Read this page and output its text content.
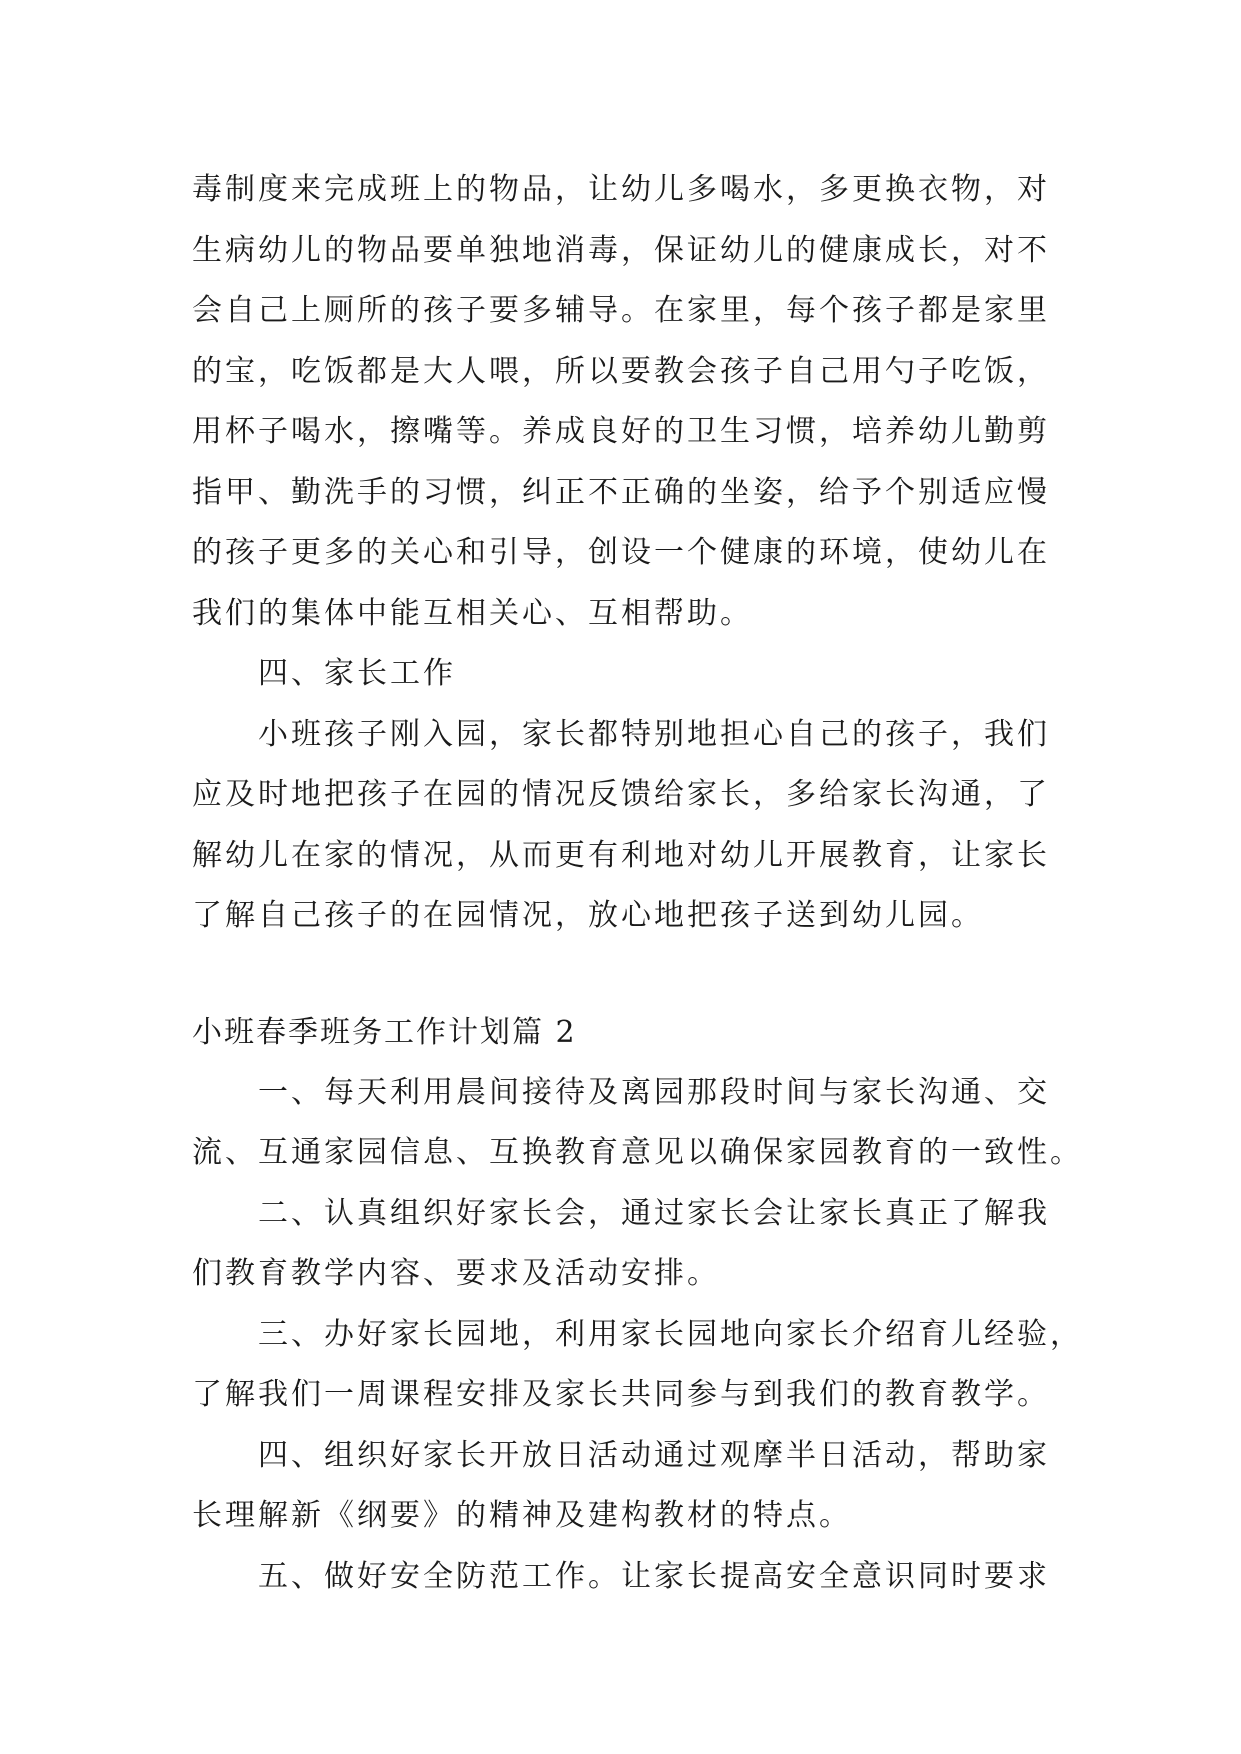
毒制度来完成班上的物品，让幼儿多喝水，多更换衣物，对
生病幼儿的物品要单独地消毒，保证幼儿的健康成长，对不
会自己上厕所的孩子要多辅导。在家里，每个孩子都是家里
的宝，吃饭都是大人喂，所以要教会孩子自己用勺子吃饭，
用杯子喝水，擦嘴等。养成良好的卫生习惯，培养幼儿勤剪
指甲、勤洗手的习惯，纠正不正确的坐姿，给予个别适应慢
的孩子更多的关心和引导，创设一个健康的环境，使幼儿在
我们的集体中能互相关心、互相帮助。
四、家长工作
小班孩子刚入园，家长都特别地担心自己的孩子，我们
应及时地把孩子在园的情况反馈给家长，多给家长沟通，了
解幼儿在家的情况，从而更有利地对幼儿开展教育，让家长
了解自己孩子的在园情况，放心地把孩子送到幼儿园。
小班春季班务工作计划篇 2
一、每天利用晨间接待及离园那段时间与家长沟通、交
流、互通家园信息、互换教育意见以确保家园教育的一致性。
二、认真组织好家长会，通过家长会让家长真正了解我
们教育教学内容、要求及活动安排。
三、办好家长园地，利用家长园地向家长介绍育儿经验，
了解我们一周课程安排及家长共同参与到我们的教育教学。
四、组织好家长开放日活动通过观摩半日活动，帮助家
长理解新《纲要》的精神及建构教材的特点。
五、做好安全防范工作。让家长提高安全意识同时要求
